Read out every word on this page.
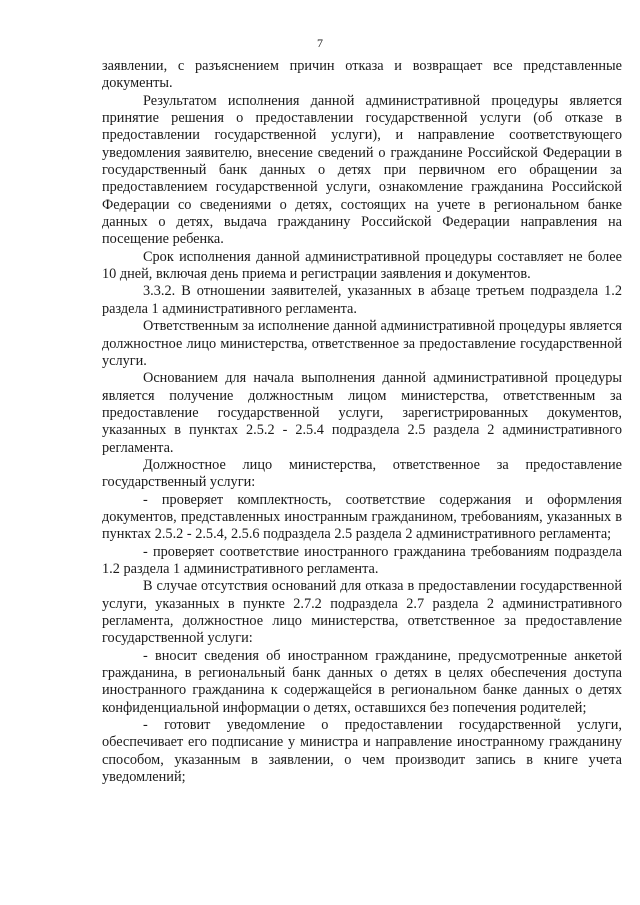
7

заявлении, с разъяснением причин отказа и возвращает все представленные документы.

Результатом исполнения данной административной процедуры является принятие решения о предоставлении государственной услуги (об отказе в предоставлении государственной услуги), и направление соответствующего уведомления заявителю, внесение сведений о гражданине Российской Федерации в государственный банк данных о детях при первичном его обращении за предоставлением государственной услуги, ознакомление гражданина Российской Федерации со сведениями о детях, состоящих на учете в региональном банке данных о детях, выдача гражданину Российской Федерации направления на посещение ребенка.

Срок исполнения данной административной процедуры составляет не более 10 дней, включая день приема и регистрации заявления и документов.

3.3.2. В отношении заявителей, указанных в абзаце третьем подраздела 1.2 раздела 1 административного регламента.

Ответственным за исполнение данной административной процедуры является должностное лицо министерства, ответственное за предоставление государственной услуги.

Основанием для начала выполнения данной административной процедуры является получение должностным лицом министерства, ответственным за предоставление государственной услуги, зарегистрированных документов, указанных в пунктах 2.5.2 - 2.5.4 подраздела 2.5 раздела 2 административного регламента.

Должностное лицо министерства, ответственное за предоставление государственный услуги:

- проверяет комплектность, соответствие содержания и оформления документов, представленных иностранным гражданином, требованиям, указанных в пунктах 2.5.2 - 2.5.4, 2.5.6 подраздела 2.5 раздела 2 административного регламента;

- проверяет соответствие иностранного гражданина требованиям подраздела 1.2 раздела 1 административного регламента.

В случае отсутствия оснований для отказа в предоставлении государственной услуги, указанных в пункте 2.7.2 подраздела 2.7 раздела 2 административного регламента, должностное лицо министерства, ответственное за предоставление государственной услуги:

- вносит сведения об иностранном гражданине, предусмотренные анкетой гражданина, в региональный банк данных о детях в целях обеспечения доступа иностранного гражданина к содержащейся в региональном банке данных о детях конфиденциальной информации о детях, оставшихся без попечения родителей;

- готовит уведомление о предоставлении государственной услуги, обеспечивает его подписание у министра и направление иностранному гражданину способом, указанным в заявлении, о чем производит запись в книге учета уведомлений;
